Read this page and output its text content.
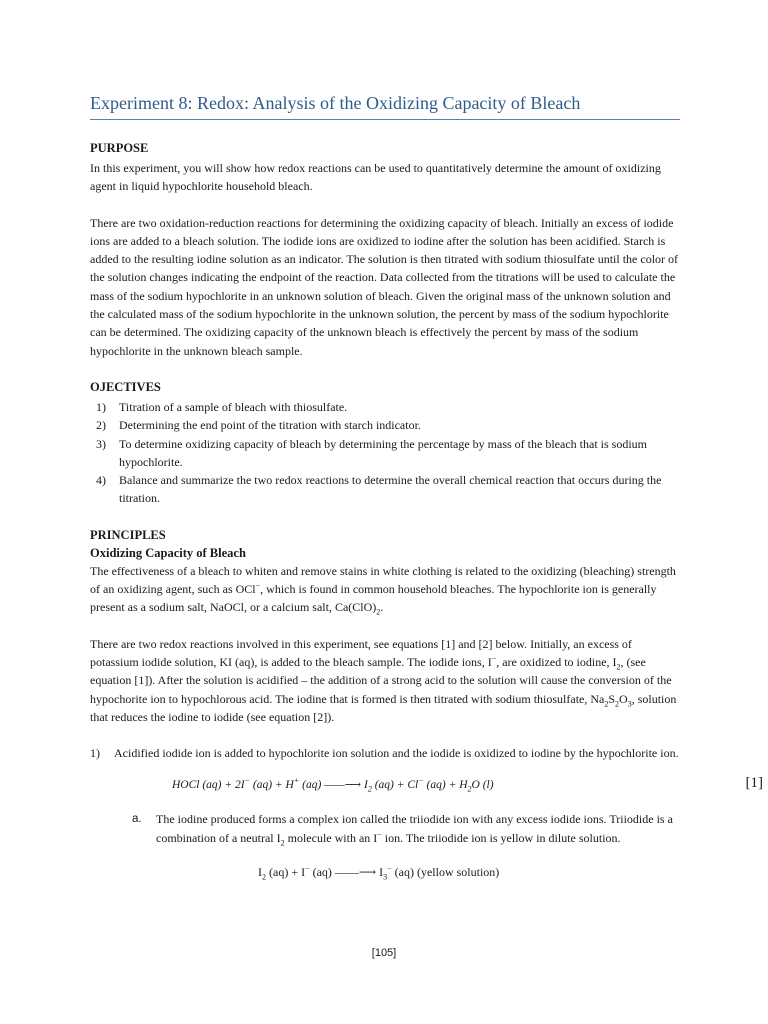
Experiment 8: Redox: Analysis of the Oxidizing Capacity of Bleach
PURPOSE

In this experiment, you will show how redox reactions can be used to quantitatively determine the amount of oxidizing agent in liquid hypochlorite household bleach.

There are two oxidation-reduction reactions for determining the oxidizing capacity of bleach. Initially an excess of iodide ions are added to a bleach solution. The iodide ions are oxidized to iodine after the solution has been acidified. Starch is added to the resulting iodine solution as an indicator. The solution is then titrated with sodium thiosulfate until the color of the solution changes indicating the endpoint of the reaction. Data collected from the titrations will be used to calculate the mass of the sodium hypochlorite in an unknown solution of bleach. Given the original mass of the unknown solution and the calculated mass of the sodium hypochlorite in the unknown solution, the percent by mass of the sodium hypochlorite can be determined. The oxidizing capacity of the unknown bleach is effectively the percent by mass of the sodium hypochlorite in the unknown bleach sample.

OJECTIVES
1) Titration of a sample of bleach with thiosulfate.
2) Determining the end point of the titration with starch indicator.
3) To determine oxidizing capacity of bleach by determining the percentage by mass of the bleach that is sodium hypochlorite.
4) Balance and summarize the two redox reactions to determine the overall chemical reaction that occurs during the titration.
PRINCIPLES
Oxidizing Capacity of Bleach

The effectiveness of a bleach to whiten and remove stains in white clothing is related to the oxidizing (bleaching) strength of an oxidizing agent, such as OCl−, which is found in common household bleaches. The hypochlorite ion is generally present as a sodium salt, NaOCl, or a calcium salt, $Ca(ClO)_2$.

There are two redox reactions involved in this experiment, see equations [1] and [2] below. Initially, an excess of potassium iodide solution, KI (aq), is added to the bleach sample. The iodide ions, I−, are oxidized to iodine, $I_2$, (see equation [1]). After the solution is acidified – the addition of a strong acid to the solution will cause the conversion of the hypochorite ion to hypochlorous acid. The iodine that is formed is then titrated with sodium thiosulfate, $Na_2S_2O_3$, solution that reduces the iodine to iodide (see equation [2]).

1) Acidified iodide ion is added to hypochlorite ion solution and the iodide is oxidized to iodine by the hypochlorite ion.
HOCl (aq) + 2I− (aq) + H+ (aq) ——⟶ $I_2$ (aq) + Cl− $(aq) + H_2O$ (l)	[1]
a. The iodine produced forms a complex ion called the triiodide ion with any excess iodide ions. Triiodide is a combination of a neutral $I_2$ molecule with an I− ion. The triiodide ion is yellow in dilute solution.
$I_2$ (aq) + I− (aq) ——⟶ $I_3^-$ (aq) (yellow solution)
[105]
